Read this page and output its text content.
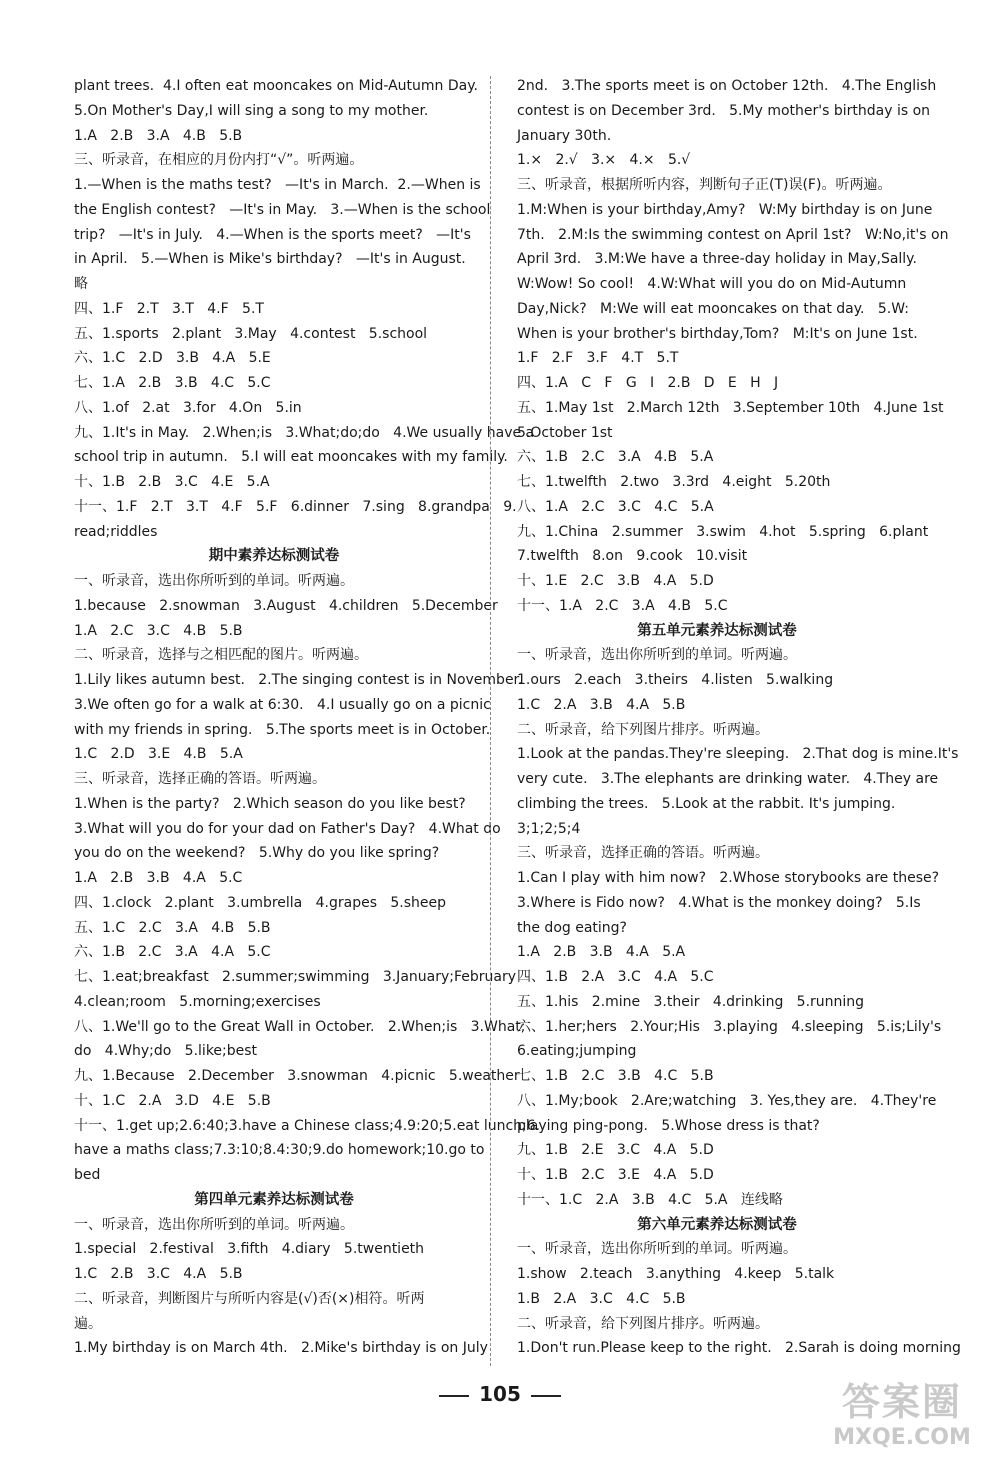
plant trees.  4.I often eat mooncakes on Mid-Autumn Day.

5.On Mother's Day,I will sing a song to my mother.

1.A   2.B   3.A   4.B   5.B

三、听录音，在相应的月份内打“√”。听两遍。

1.—When is the maths test?   —It's in March.  2.—When is

the English contest?   —It's in May.   3.—When is the school

trip?   —It's in July.   4.—When is the sports meet?   —It's

in April.   5.—When is Mike's birthday?   —It's in August.

略

四、1.F   2.T   3.T   4.F   5.T

五、1.sports   2.plant   3.May   4.contest   5.school

六、1.C   2.D   3.B   4.A   5.E

七、1.A   2.B   3.B   4.C   5.C

八、1.of   2.at   3.for   4.On   5.in

九、1.It's in May.   2.When;is   3.What;do;do   4.We usually have a

school trip in autumn.   5.I will eat mooncakes with my family.

十、1.B   2.B   3.C   4.E   5.A

十一、1.F   2.T   3.T   4.F   5.F   6.dinner   7.sing   8.grandpa   9.

read;riddles

期中素养达标测试卷

一、听录音，选出你所听到的单词。听两遍。

1.because   2.snowman   3.August   4.children   5.December

1.A   2.C   3.C   4.B   5.B

二、听录音，选择与之相匹配的图片。听两遍。

1.Lily likes autumn best.   2.The singing contest is in November.

3.We often go for a walk at 6:30.   4.I usually go on a picnic

with my friends in spring.   5.The sports meet is in October.

1.C   2.D   3.E   4.B   5.A

三、听录音，选择正确的答语。听两遍。

1.When is the party?   2.Which season do you like best?

3.What will you do for your dad on Father's Day?   4.What do

you do on the weekend?   5.Why do you like spring?

1.A   2.B   3.B   4.A   5.C

四、1.clock   2.plant   3.umbrella   4.grapes   5.sheep

五、1.C   2.C   3.A   4.B   5.B

六、1.B   2.C   3.A   4.A   5.C

七、1.eat;breakfast   2.summer;swimming   3.January;February

4.clean;room   5.morning;exercises

八、1.We'll go to the Great Wall in October.   2.When;is   3.What;

do   4.Why;do   5.like;best

九、1.Because   2.December   3.snowman   4.picnic   5.weather

十、1.C   2.A   3.D   4.E   5.B

十一、1.get up;2.6:40;3.have a Chinese class;4.9:20;5.eat lunch;6.

have a maths class;7.3:10;8.4:30;9.do homework;10.go to

bed

第四单元素养达标测试卷

一、听录音，选出你所听到的单词。听两遍。

1.special   2.festival   3.fifth   4.diary   5.twentieth

1.C   2.B   3.C   4.A   5.B

二、听录音，判断图片与所听内容是(√)否(×)相符。听两

遍。

1.My birthday is on March 4th.   2.Mike's birthday is on July

2nd.   3.The sports meet is on October 12th.   4.The English

contest is on December 3rd.   5.My mother's birthday is on

January 30th.

1.×   2.√   3.×   4.×   5.√

三、听录音，根据所听内容，判断句子正(T)误(F)。听两遍。

1.M:When is your birthday,Amy?   W:My birthday is on June

7th.   2.M:Is the swimming contest on April 1st?   W:No,it's on

April 3rd.   3.M:We have a three-day holiday in May,Sally.

W:Wow! So cool!   4.W:What will you do on Mid-Autumn

Day,Nick?   M:We will eat mooncakes on that day.   5.W:

When is your brother's birthday,Tom?   M:It's on June 1st.

1.F   2.F   3.F   4.T   5.T

四、1.A   C   F   G   I   2.B   D   E   H   J

五、1.May 1st   2.March 12th   3.September 10th   4.June 1st

5.October 1st

六、1.B   2.C   3.A   4.B   5.A

七、1.twelfth   2.two   3.3rd   4.eight   5.20th

八、1.A   2.C   3.C   4.C   5.A

九、1.China   2.summer   3.swim   4.hot   5.spring   6.plant

7.twelfth   8.on   9.cook   10.visit

十、1.E   2.C   3.B   4.A   5.D

十一、1.A   2.C   3.A   4.B   5.C

第五单元素养达标测试卷

一、听录音，选出你所听到的单词。听两遍。

1.ours   2.each   3.theirs   4.listen   5.walking

1.C   2.A   3.B   4.A   5.B

二、听录音，给下列图片排序。听两遍。

1.Look at the pandas.They're sleeping.   2.That dog is mine.It's

very cute.   3.The elephants are drinking water.   4.They are

climbing the trees.   5.Look at the rabbit. It's jumping.

3;1;2;5;4

三、听录音，选择正确的答语。听两遍。

1.Can I play with him now?   2.Whose storybooks are these?

3.Where is Fido now?   4.What is the monkey doing?   5.Is

the dog eating?

1.A   2.B   3.B   4.A   5.A

四、1.B   2.A   3.C   4.A   5.C

五、1.his   2.mine   3.their   4.drinking   5.running

六、1.her;hers   2.Your;His   3.playing   4.sleeping   5.is;Lily's

6.eating;jumping

七、1.B   2.C   3.B   4.C   5.B

八、1.My;book   2.Are;watching   3. Yes,they are.   4.They're

playing ping-pong.   5.Whose dress is that?

九、1.B   2.E   3.C   4.A   5.D

十、1.B   2.C   3.E   4.A   5.D

十一、1.C   2.A   3.B   4.C   5.A   连线略

第六单元素养达标测试卷

一、听录音，选出你所听到的单词。听两遍。

1.show   2.teach   3.anything   4.keep   5.talk

1.B   2.A   3.C   4.C   5.B

二、听录音，给下列图片排序。听两遍。

1.Don't run.Please keep to the right.   2.Sarah is doing morning

105	答案圈
MXQE.COM
